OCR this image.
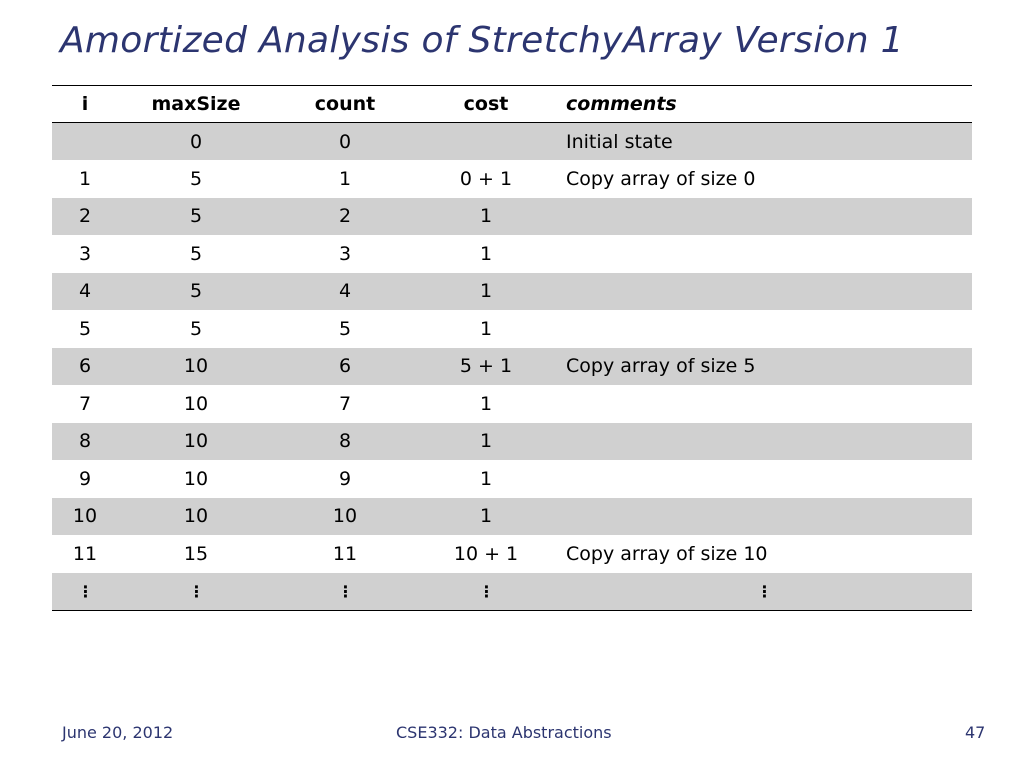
Amortized Analysis of StretchyArray Version 1
i	maxSize	count	cost	comments
	0	0		Initial state
1	5	1	0 + 1	Copy array of size 0
2	5	2	1	
3	5	3	1	
4	5	4	1	
5	5	5	1	
6	10	6	5 + 1	Copy array of size 5
7	10	7	1	
8	10	8	1	
9	10	9	1	
10	10	10	1	
11	15	11	10 + 1	Copy array of size 10
⋮	⋮	⋮	⋮	⋮
June 20, 2012	CSE332: Data Abstractions	47
